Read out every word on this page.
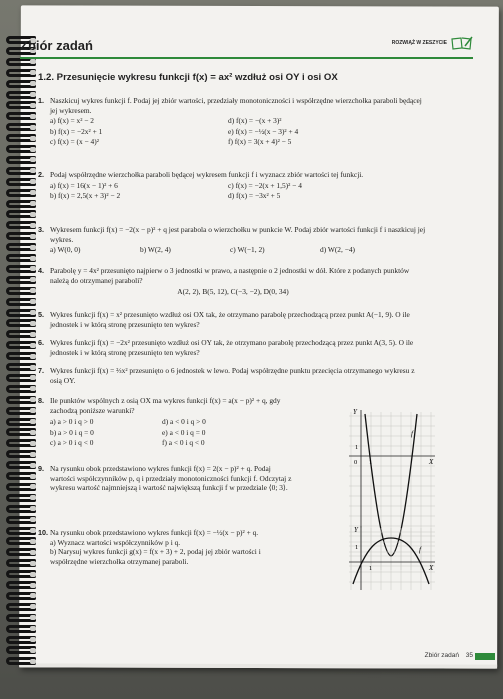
Zbiór zadań	ROZWIĄŻ W ZESZYCIE
1.2. Przesunięcie wykresu funkcji f(x) = ax² wzdłuż osi OY i osi OX
1. Naszkicuj wykres funkcji f. Podaj jej zbiór wartości, przedziały monotoniczności i współrzędne wierzchołka paraboli będącej jej wykresem.
a) f(x) = x² − 2	d) f(x) = −(x + 3)²
b) f(x) = −2x² + 1	e) f(x) = −½(x − 3)² + 4
c) f(x) = (x − 4)²	f) f(x) = 3(x + 4)² − 5
2. Podaj współrzędne wierzchołka paraboli będącej wykresem funkcji f i wyznacz zbiór wartości tej funkcji.
a) f(x) = 16(x − 1)² + 6	c) f(x) = −2(x + 1,5)² − 4
b) f(x) = 2,5(x + 3)² − 2	d) f(x) = −3x² + 5
3. Wykresem funkcji f(x) = −2(x − p)² + q jest parabola o wierzchołku w punkcie W. Podaj zbiór wartości funkcji f i naszkicuj jej wykres.
a) W(0, 0)	b) W(2, 4)	c) W(−1, 2)	d) W(2, −4)
4. Parabolę y = 4x² przesunięto najpierw o 3 jednostki w prawo, a następnie o 2 jednostki w dół. Które z podanych punktów należą do otrzymanej paraboli?
A(2, 2), B(5, 12), C(−3, −2), D(0, 34)
5. Wykres funkcji f(x) = x² przesunięto wzdłuż osi OX tak, że otrzymano parabolę przechodzącą przez punkt A(−1, 9). O ile jednostek i w którą stronę przesunięto ten wykres?
6. Wykres funkcji f(x) = −2x² przesunięto wzdłuż osi OY tak, że otrzymano parabolę przechodzącą przez punkt A(3, 5). O ile jednostek i w którą stronę przesunięto ten wykres?
7. Wykres funkcji f(x) = ⅔x² przesunięto o 6 jednostek w lewo. Podaj współrzędne punktu przecięcia otrzymanego wykresu z osią OY.
8. Ile punktów wspólnych z osią OX ma wykres funkcji f(x) = a(x − p)² + q, gdy zachodzą poniższe warunki?
a) a > 0 i q > 0	d) a < 0 i q > 0
b) a > 0 i q = 0	e) a < 0 i q = 0
c) a > 0 i q < 0	f) a < 0 i q < 0
9. Na rysunku obok przedstawiono wykres funkcji f(x) = 2(x − p)² + q. Podaj wartości współczynników p, q i przedziały monotoniczności funkcji f. Odczytaj z wykresu wartość najmniejszą i wartość największą funkcji f w przedziale ⟨0; 3⟩.
10. Na rysunku obok przedstawiono wykres funkcji f(x) = −½(x − p)² + q.
a) Wyznacz wartości współczynników p i q.
b) Narysuj wykres funkcji g(x) = f(x + 3) + 2, podaj jej zbiór wartości i współrzędne wierzchołka otrzymanej paraboli.
Y
X
0 1
1
f
Y
X
1
1	f
Zbiór zadań 35
